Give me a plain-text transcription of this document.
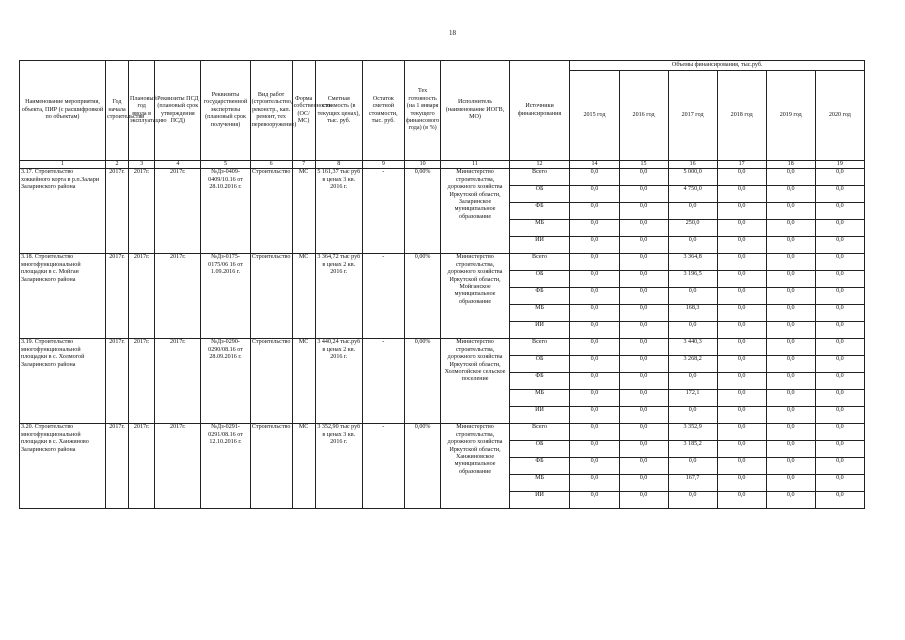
18
Наименование мероприятия, объекта, ПИР (с расшифровкой по объектам)	Год начала строительства	Плановый год ввода в эксплуатацию	Реквизиты ПСД (плановый срок утверждения ПСД)	Реквизиты государственной экспертизы (плановый срок получения)	Вид работ (строительство, реконстр., кап. ремонт, тех перевооружение)	Форма собственности (ОС/МС)	Сметная стоимость (в текущих ценах), тыс. руб.	Остаток сметной стоимости, тыс. руб.	Тех готовность (на 1 января текущего финансового года) (в %)	Исполнитель (наименование ИОГВ, МО)	Источники финансирования	Объемы финансирования, тыс.руб.					
												2015 год	2016 год	2017 год	2018 год	2019 год	2020 год
1	2	3	4	5	6	7	8	9	10	11	12	14	15	16	17	18	19
3.17. Строительство хоккейного корта в р.п.Залари Заларинского района	2017г.	2017г.	2017г.	№Дз-0409-0409/10.16 от 28.10.2016 г.	Строительство	МС	5 161,37 тыс руб в ценах 3 кв. 2016 г.	-	0,00%	Министерство строительства, дорожного хозяйства Иркутской области, Заларинское муниципальное образование	Всего	0,0	0,0	5 000,0	0,0	0,0	0,0
											ОБ	0,0	0,0	4 750,0	0,0	0,0	0,0
											ФБ	0,0	0,0	0,0	0,0	0,0	0,0
											МБ	0,0	0,0	250,0	0,0	0,0	0,0
											ИИ	0,0	0,0	0,0	0,0	0,0	0,0
3.18. Строительство многофункциональной площадки в с. Мойган Заларинского района	2017г.	2017г.	2017г.	№Дз-0175-0175/06 16 от 1.09.2016 г.	Строительство	МС	3 364,72 тыс руб в ценах 2 кв. 2016 г.	-	0,00%	Министерство строительства, дорожного хозяйства Иркутской области, Мойганское муниципальное образование	Всего	0,0	0,0	3 364,8	0,0	0,0	0,0
											ОБ	0,0	0,0	3 196,5	0,0	0,0	0,0
											ФБ	0,0	0,0	0,0	0,0	0,0	0,0
											МБ	0,0	0,0	168,3	0,0	0,0	0,0
											ИИ	0,0	0,0	0,0	0,0	0,0	0,0
3.19. Строительство многофункциональной площадки в с. Холмогой Заларинского района	2017г.	2017г.	2017г.	№Дз-0290-0290/08.16 от 28.09.2016 г.	Строительство	МС	3 440,24 тыс.руб в ценах 2 кв. 2016 г.	-	0,00%	Министерство строительства, дорожного хозяйства Иркутской области, Холмогойское сельское поселение	Всего	0,0	0,0	3 440,3	0,0	0,0	0,0
											ОБ	0,0	0,0	3 268,2	0,0	0,0	0,0
											ФБ	0,0	0,0	0,0	0,0	0,0	0,0
											МБ	0,0	0,0	172,1	0,0	0,0	0,0
											ИИ	0,0	0,0	0,0	0,0	0,0	0,0
3.20. Строительство многофункциональной площадки в с. Ханжиново Заларинского района	2017г.	2017г.	2017г.	№Дз-0291-0291/08.16 от 12.10.2016 г.	Строительство	МС	3 352,90 тыс руб в ценах 3 кв. 2016 г.	-	0,00%	Министерство строительства, дорожного хозяйства Иркутской области, Ханжиновское муниципальное образование	Всего	0,0	0,0	3 352,9	0,0	0,0	0,0
											ОБ	0,0	0,0	3 185,2	0,0	0,0	0,0
											ФБ	0,0	0,0	0,0	0,0	0,0	0,0
											МБ	0,0	0,0	167,7	0,0	0,0	0,0
											ИИ	0,0	0,0	0,0	0,0	0,0	0,0
